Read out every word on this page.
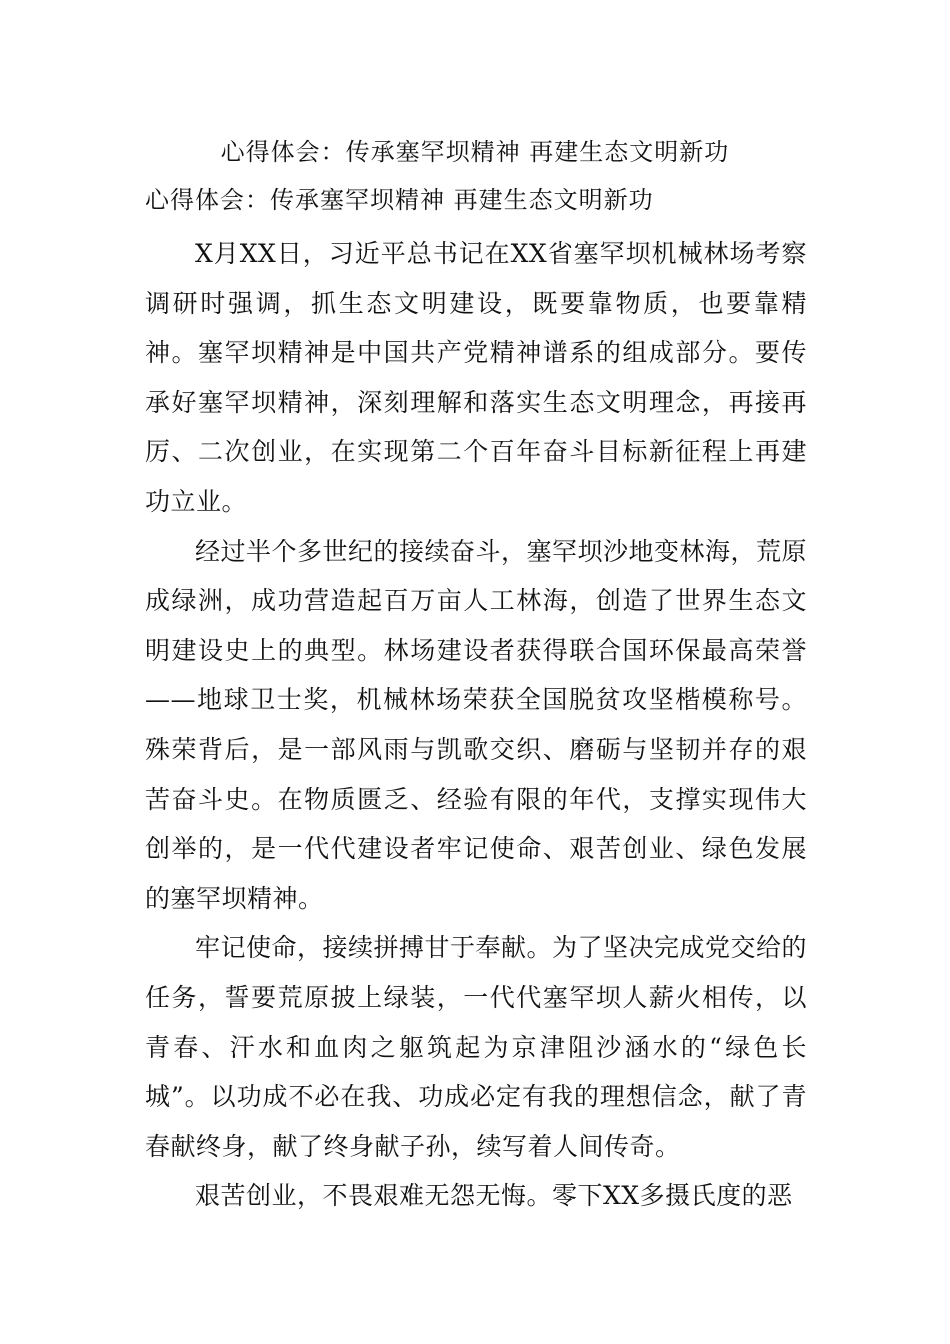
心得体会：传承塞罕坝精神 再建生态文明新功
心得体会：传承塞罕坝精神 再建生态文明新功

X月XX日，习近平总书记在XX省塞罕坝机械林场考察调研时强调，抓生态文明建设，既要靠物质，也要靠精神。塞罕坝精神是中国共产党精神谱系的组成部分。要传承好塞罕坝精神，深刻理解和落实生态文明理念，再接再厉、二次创业，在实现第二个百年奋斗目标新征程上再建功立业。

经过半个多世纪的接续奋斗，塞罕坝沙地变林海，荒原成绿洲，成功营造起百万亩人工林海，创造了世界生态文明建设史上的典型。林场建设者获得联合国环保最高荣誉——地球卫士奖，机械林场荣获全国脱贫攻坚楷模称号。殊荣背后，是一部风雨与凯歌交织、磨砺与坚韧并存的艰苦奋斗史。在物质匮乏、经验有限的年代，支撑实现伟大创举的，是一代代建设者牢记使命、艰苦创业、绿色发展的塞罕坝精神。

牢记使命，接续拼搏甘于奉献。为了坚决完成党交给的任务，誓要荒原披上绿装，一代代塞罕坝人薪火相传，以青春、汗水和血肉之躯筑起为京津阻沙涵水的“绿色长城”。以功成不必在我、功成必定有我的理想信念，献了青春献终身，献了终身献子孙，续写着人间传奇。

艰苦创业，不畏艰难无怨无悔。零下XX多摄氏度的恶
